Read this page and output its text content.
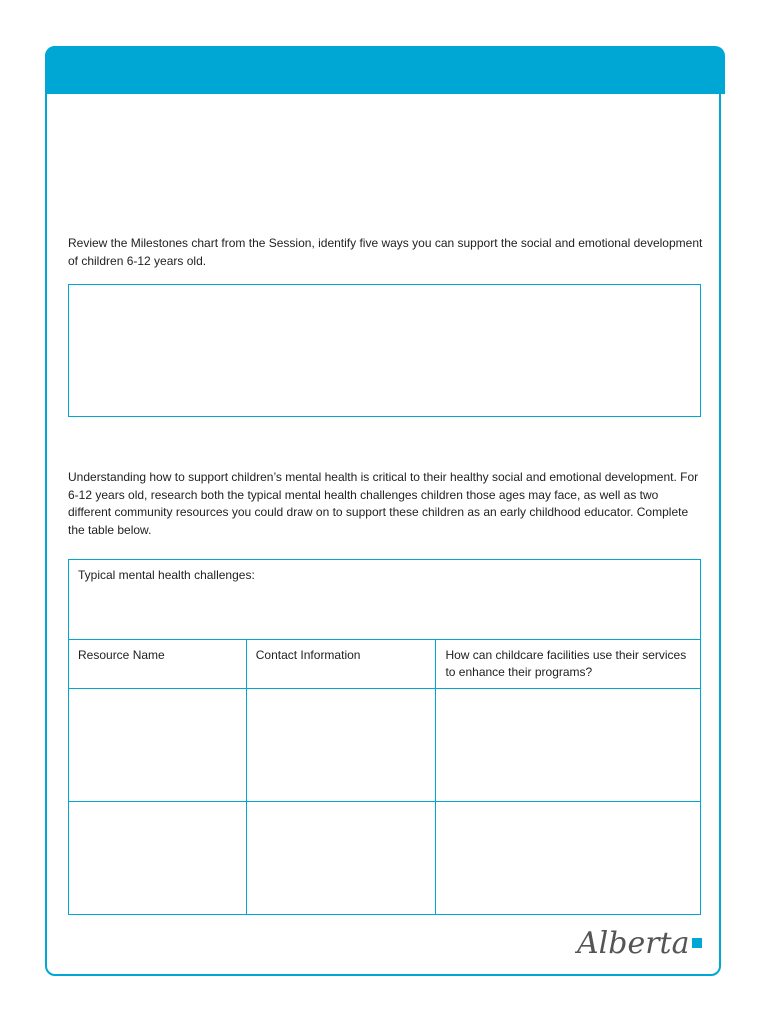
Review the Milestones chart from the Session, identify five ways you can support the social and emotional development of children 6-12 years old.

Understanding how to support children’s mental health is critical to their healthy social and emotional development. For 6-12 years old, research both the typical mental health challenges children those ages may face, as well as two different community resources you could draw on to support these children as an early childhood educator. Complete the table below.

Typical mental health challenges:		
Resource Name	Contact Information	How can childcare facilities use their services to enhance their programs?

Alberta
